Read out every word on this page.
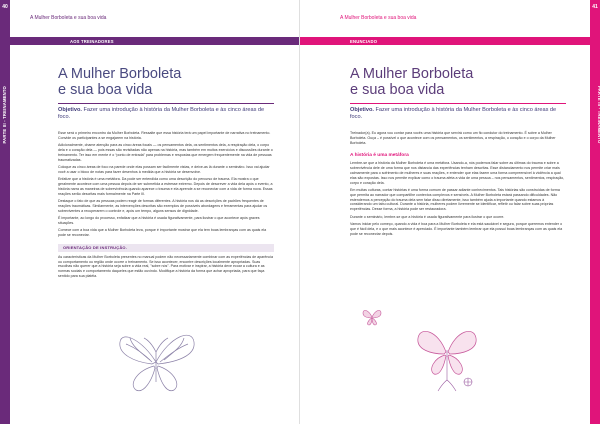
40
PARTE III - TREINAMENTO
A Mulher Borboleta e sua boa vida
AOS TREINADORES
A Mulher Borboleta
e sua boa vida

Objetivo. Fazer uma introdução à história da Mulher Borboleta e às cinco áreas de foco.

Esse será o primeiro encontro da Mulher Borboleta. Ressalte que essa história terá um papel importante de narrativa no treinamento. Convide os participantes a se engajarem na história.

Adicionalmente, chame atenção para as cinco áreas focais — os pensamentos dela, os sentimentos dela, a respiração dela, o corpo dela e o coração dela — pois essas são revisitadas não apenas na história, mas também em muitos exercícios e discussões durante o treinamento. Ter isso em mente é o “ponto de entrada” para problemas e respostas que emergem frequentemente na vida de pessoas traumatizadas.

Coloque as cinco áreas de foco na parede onde elas possam ser facilmente vistas, e deixe-as lá durante o semináiro. Isso vai ajudar você a usar o bloco de notas para fazer desenhos à medida que a história se desenvolve.

Enfatize que a história é uma metáfora. Da pode ser entendida como uma descrição do percurso de trauma. Ela mostra o que geralmente acontece com uma pessoa depois de ser submetida a estresse extremo. Depois de descrever a vida dela após o evento, a história narra as maneiras de sobrevivência quando aparece o trauma e ela aprende a se reconectar com a vida de forma nova. Essas reações serão descritas mais formalmente na Parte III.

Destaque o fato de que as pessoas podem reagir de formas diferentes. A história nos dá as descrições de padrões frequentes de reações traumáticas. Similarmente, as intervenções descritas são exemplos de possíveis abordagens e ferramentas para ajudar os sobreviventes a recuperarem o controle e, após um tempo, alguns sensos de dignidade.

É importante, ao longo do processo, enfatizar que a história é usada figurativamente, para ilustrar o que acontece após graves situações.

Comece com a boa vida que a Mulher Borboleta leva, porque é importante mostrar que ela tem boas lembranças com as quais ela pode se reconectar.

ORIENTAÇÃO DE INSTRUÇÃO.

As características da Mulher Borboleta presentes no manual podem não necessariamente combinar com as experiências de aparência ou comportamento ou região onde ocorre o treinamento. Se isso acontecer, encontre descrições localmente apropriadas. Suas escolhas não querer que a história seja sobre a vida real, "sobre nós". Para motivar e inspirar, a história deve ecoar a cultura e as normas sociais e comportamento daqueles que estão ouvindo. Modifique a história da forma que achar apropriada, para que faça sentido para sua platéia.

41
PARTE III - TREINAMENTO
A Mulher Borboleta e sua boa vida
ENUNCIADO
A Mulher Borboleta
e sua boa vida

Objetivo. Fazer uma introdução à história da Mulher Borboleta e às cinco áreas de foco.

Treinador(a). Eu agora vou contar para vocês uma história que servirá como um fio condutor do treinamento. É sobre a Mulher Borboleta. Ouça – é possível o que acontece com os pensamentos, os sentimentos, a respiração, o coração e o corpo da Mulher Borboleta.

A história é uma metáfora

Lembre-se que a história da Mulher Borboleta é uma metáfora. Usando-a, nós podemos falar sobre as últimas do trauma e sobre a sobrevivência dele de uma forma que nos distancia das experiências tenham descritas. Esse distanciamento nos permite criar mais calmamente para o sofrimento de mulheres e suas reações, e entender que elas fazem uma forma compreensível à violência a qual elas são expostas. Isso nos permite explicar como o trauma afeta a vida de uma pessoa – nos pensamentos, sentimentos, respiração, corpo e coração dela.

Em muitas culturas, contar histórias é uma forma comum de passar adiante conhecimentos. Tais histórias são construídas de forma que permita ao narrador que compartilhe contextos complexos e sensíveis. A Mulher Borboleta estará passando dificuldades. Não estendemos a percepção do trauma dela sem falar disso diretamente, isso também ajuda a importante quando estamos à considerando um tabu cultural. Durante a história, mulheres podem livremente se identificar, refletir ou falar sobre suas próprias experiências. Desse forma, a história pode ser restauradora.

Durante o seminário, lembre-se que a história é usada figurativamente para ilustrar o que ocorre.

Vamos iniciar pelo começo, quando a vida é boa para a Mulher Borboleta e ela está saudável e segura, porque queremos entender o que é fácil dela, e o que mais acontece é apreciado. É importante também lembrar que ela possui boas lembranças com as quais ela pode se reconectar depois.
